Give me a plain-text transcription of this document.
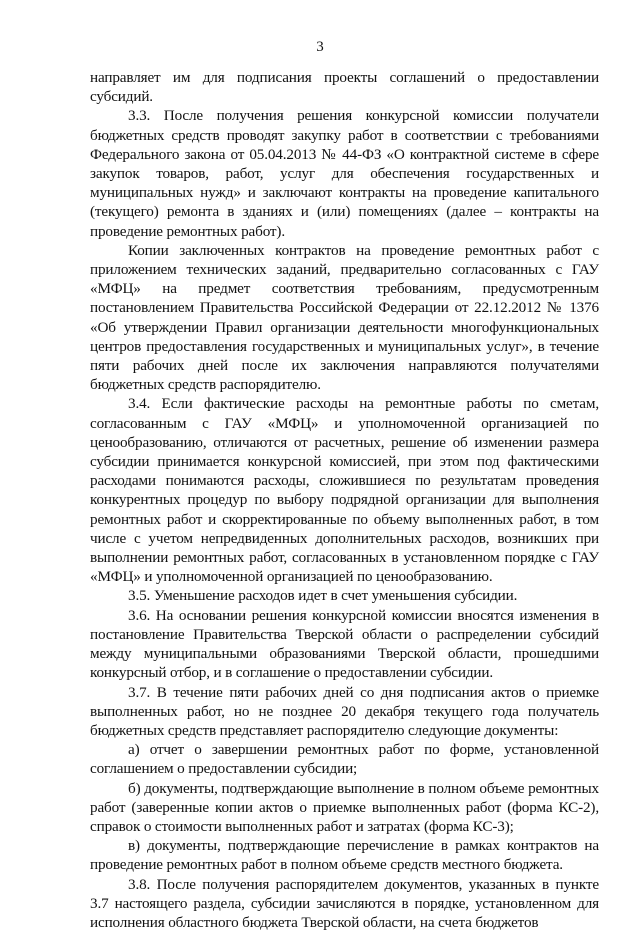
3

направляет им для подписания проекты соглашений о предоставлении субсидий.

3.3. После получения решения конкурсной комиссии получатели бюджетных средств проводят закупку работ в соответствии с требованиями Федерального закона от 05.04.2013 № 44-ФЗ «О контрактной системе в сфере закупок товаров, работ, услуг для обеспечения государственных и муниципальных нужд» и заключают контракты на проведение капитального (текущего) ремонта в зданиях и (или) помещениях (далее – контракты на проведение ремонтных работ).

Копии заключенных контрактов на проведение ремонтных работ с приложением технических заданий, предварительно согласованных с ГАУ «МФЦ» на предмет соответствия требованиям, предусмотренным постановлением Правительства Российской Федерации от 22.12.2012 № 1376 «Об утверждении Правил организации деятельности многофункциональных центров предоставления государственных и муниципальных услуг», в течение пяти рабочих дней после их заключения направляются получателями бюджетных средств распорядителю.

3.4. Если фактические расходы на ремонтные работы по сметам, согласованным с ГАУ «МФЦ» и уполномоченной организацией по ценообразованию, отличаются от расчетных, решение об изменении размера субсидии принимается конкурсной комиссией, при этом под фактическими расходами понимаются расходы, сложившиеся по результатам проведения конкурентных процедур по выбору подрядной организации для выполнения ремонтных работ и скорректированные по объему выполненных работ, в том числе с учетом непредвиденных дополнительных расходов, возникших при выполнении ремонтных работ, согласованных в установленном порядке с ГАУ «МФЦ» и уполномоченной организацией по ценообразованию.

3.5. Уменьшение расходов идет в счет уменьшения субсидии.

3.6. На основании решения конкурсной комиссии вносятся изменения в постановление Правительства Тверской области о распределении субсидий между муниципальными образованиями Тверской области, прошедшими конкурсный отбор, и в соглашение о предоставлении субсидии.

3.7. В течение пяти рабочих дней со дня подписания актов о приемке выполненных работ, но не позднее 20 декабря текущего года получатель бюджетных средств представляет распорядителю следующие документы:

а) отчет о завершении ремонтных работ по форме, установленной соглашением о предоставлении субсидии;

б) документы, подтверждающие выполнение в полном объеме ремонтных работ (заверенные копии актов о приемке выполненных работ (форма КС-2), справок о стоимости выполненных работ и затратах (форма КС-3);

в) документы, подтверждающие перечисление в рамках контрактов на проведение ремонтных работ в полном объеме средств местного бюджета.

3.8. После получения распорядителем документов, указанных в пункте 3.7 настоящего раздела, субсидии зачисляются в порядке, установленном для исполнения областного бюджета Тверской области, на счета бюджетов
